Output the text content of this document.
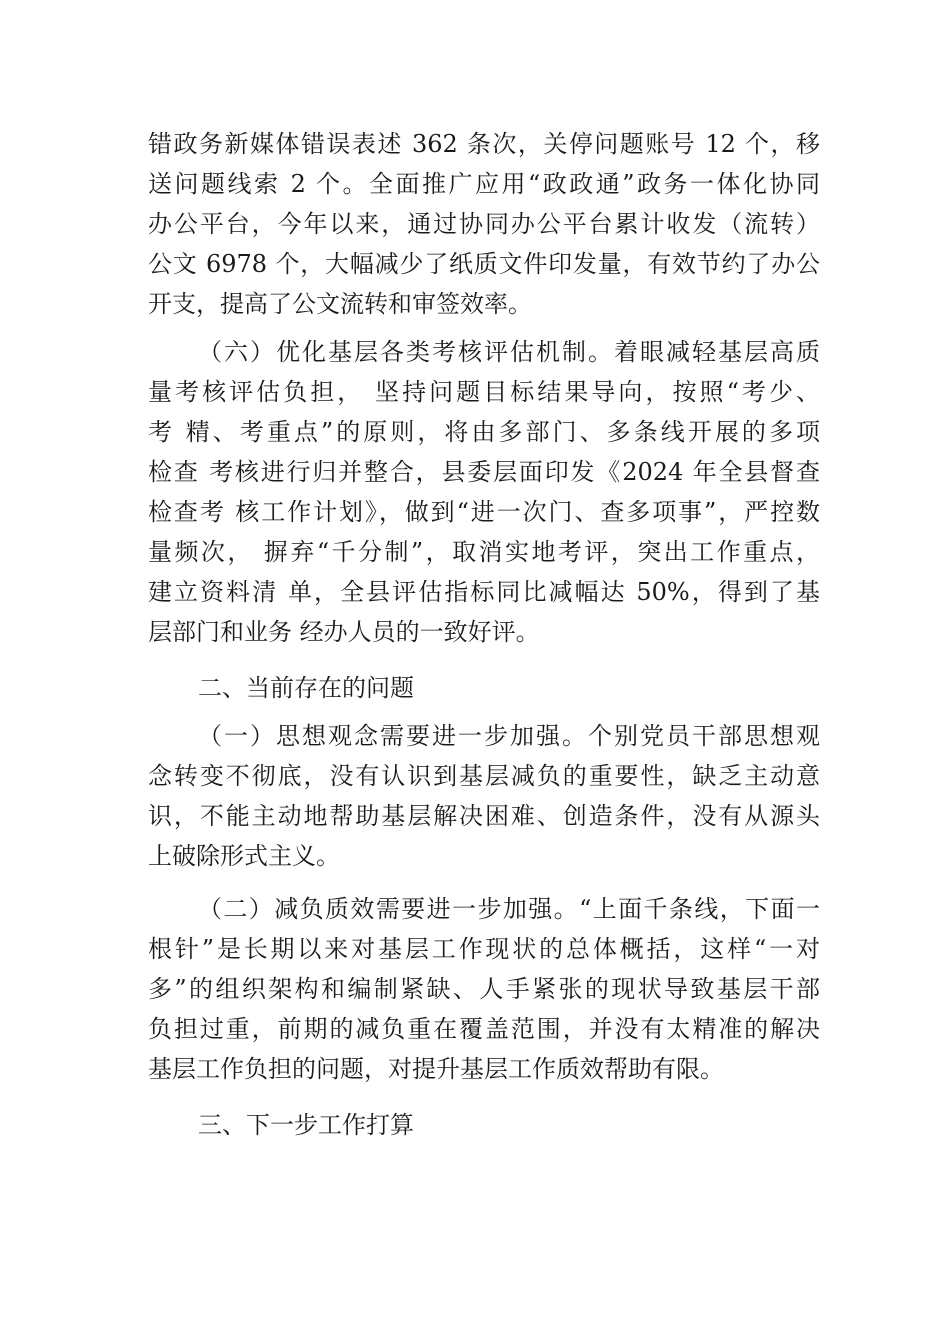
错政务新媒体错误表述 362 条次，关停问题账号 12 个，移
送问题线索 2 个。全面推广应用“政政通”政务一体化协同
办公平台，今年以来，通过协同办公平台累计收发（流转）
公文 6978 个，大幅减少了纸质文件印发量，有效节约了办公
开支，提高了公文流转和审签效率。
（六）优化基层各类考核评估机制。着眼减轻基层高质
量考核评估负担， 坚持问题目标结果导向，按照“考少、
考 精、考重点”的原则，将由多部门、多条线开展的多项
检查 考核进行归并整合，县委层面印发《2024 年全县督查
检查考 核工作计划》，做到“进一次门、查多项事”，严控数
量频次， 摒弃“千分制”，取消实地考评，突出工作重点，
建立资料清 单，全县评估指标同比减幅达 50%，得到了基
层部门和业务 经办人员的一致好评。
二、当前存在的问题
（一）思想观念需要进一步加强。个别党员干部思想观
念转变不彻底，没有认识到基层减负的重要性，缺乏主动意
识，不能主动地帮助基层解决困难、创造条件，没有从源头
上破除形式主义。
（二）减负质效需要进一步加强。“上面千条线，下面一
根针”是长期以来对基层工作现状的总体概括，这样“一对
多”的组织架构和编制紧缺、人手紧张的现状导致基层干部
负担过重，前期的减负重在覆盖范围，并没有太精准的解决
基层工作负担的问题，对提升基层工作质效帮助有限。
三、下一步工作打算
